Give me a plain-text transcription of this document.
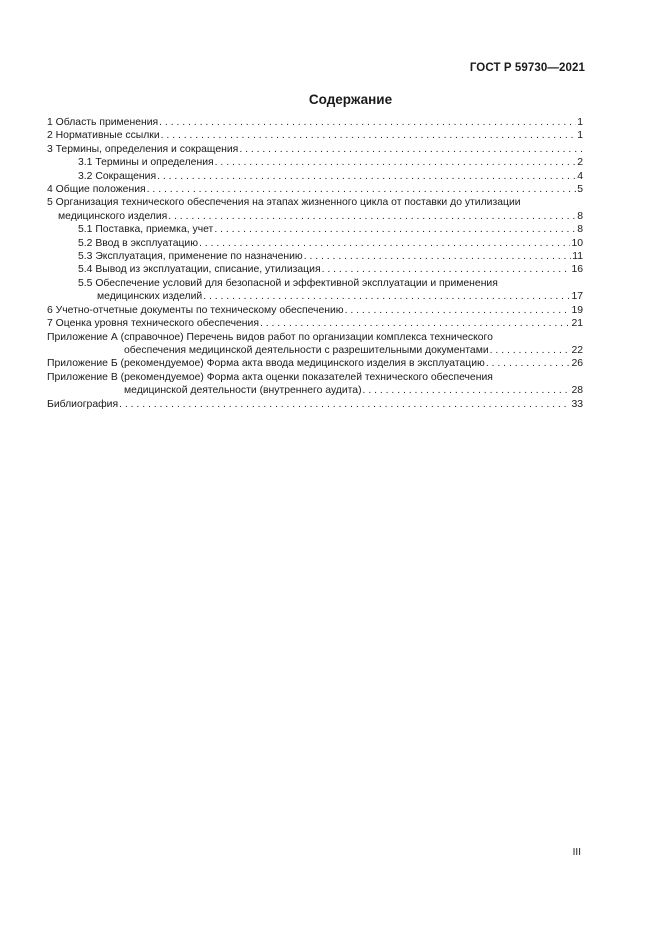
ГОСТ Р 59730—2021
Содержание
1 Область применения . . .	1
2 Нормативные ссылки . . .	1
3 Термины, определения и сокращения
. . .
3.1 Термины и определения . . .	2
3.2 Сокращения . . .	4
4 Общие положения . . .	5
5 Организация технического обеспечения на этапах жизненного цикла от поставки до утилизации
медицинского изделия . . .	8
5.1 Поставка, приемка, учет . . .	8
5.2 Ввод в эксплуатацию . . .	10
5.3 Эксплуатация, применение по назначению . . .	11
5.4 Вывод из эксплуатации, списание, утилизация . . .	16
5.5 Обеспечение условий для безопасной и эффективной эксплуатации и применения
медицинских изделий . . .	17
6 Учетно-отчетные документы по техническому обеспечению . . .	19
7 Оценка уровня технического обеспечения . . .	21
Приложение А (справочное) Перечень видов работ по организации комплекса технического
обеспечения медицинской деятельности с разрешительными документами . . .	22
Приложение Б (рекомендуемое) Форма акта ввода медицинского изделия в эксплуатацию . . .	26
Приложение В (рекомендуемое) Форма акта оценки показателей технического обеспечения
медицинской деятельности (внутреннего аудита) . . .	28
Библиография . . .	33
III
